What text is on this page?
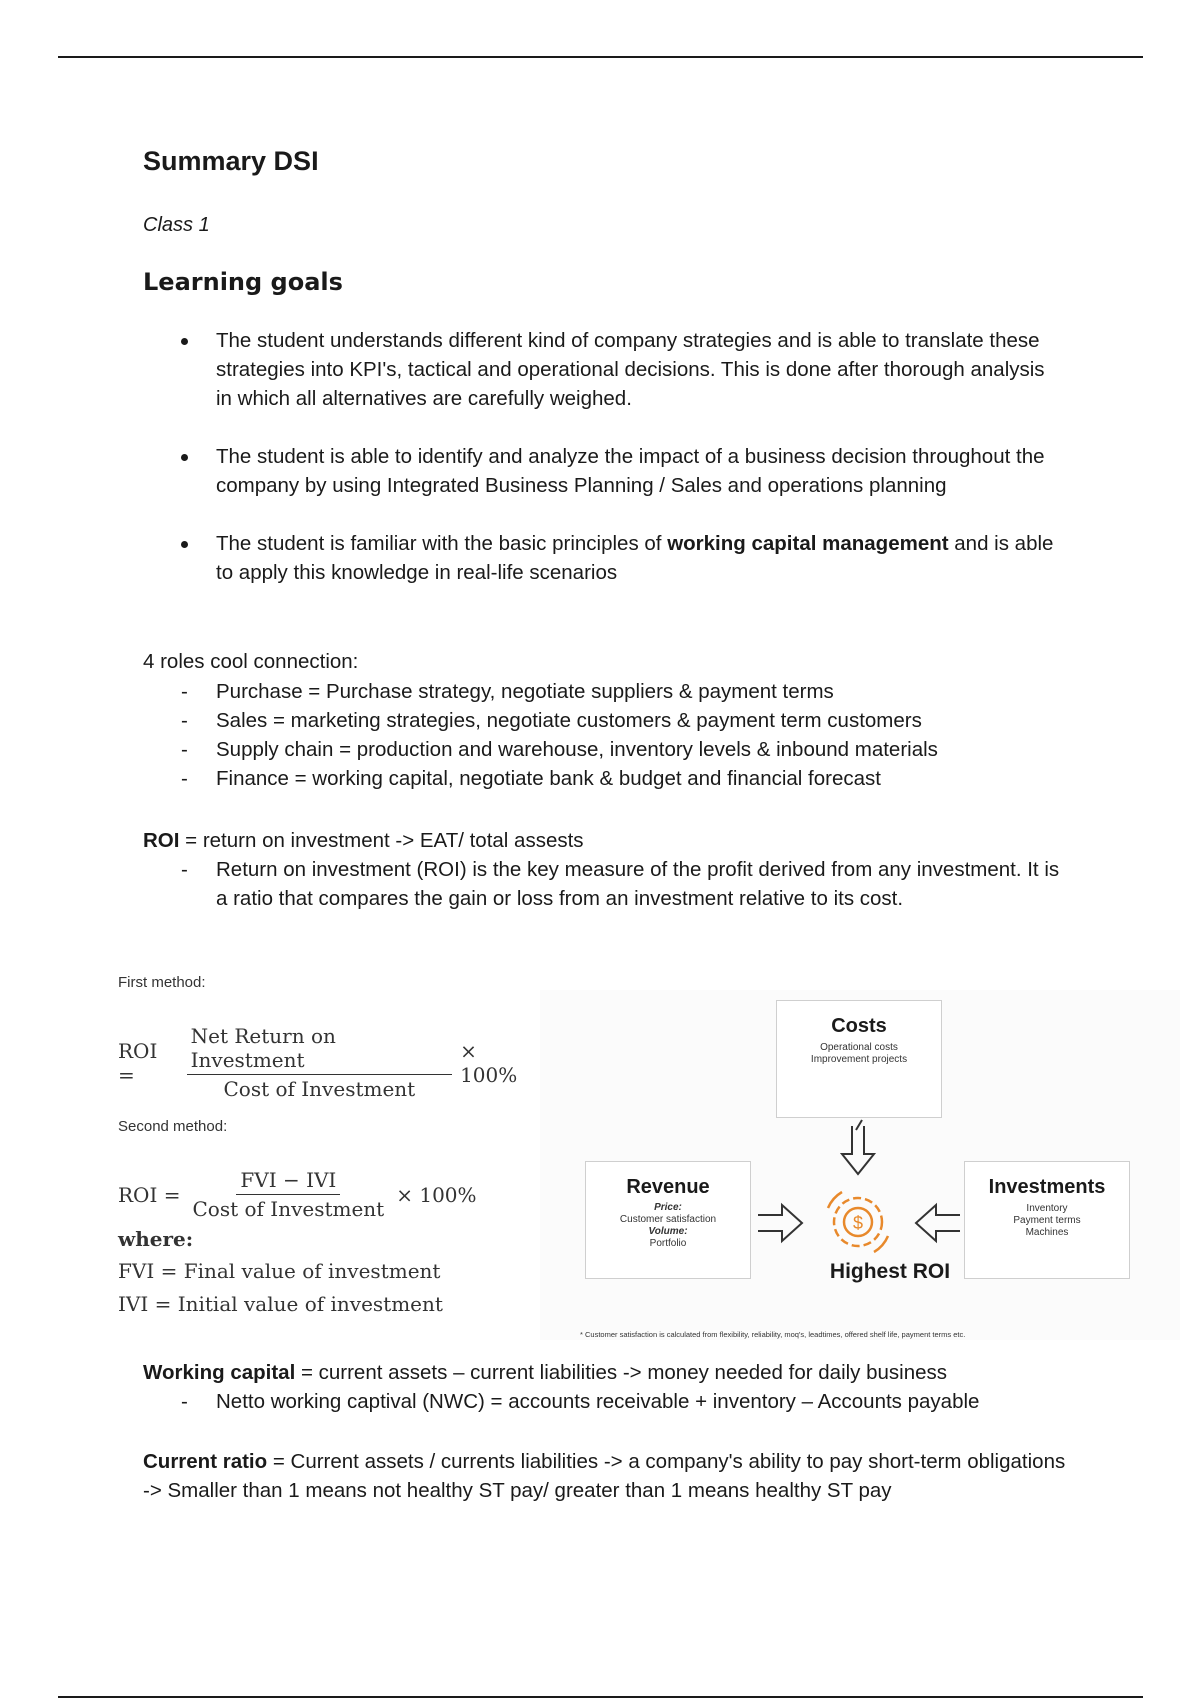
Summary DSI
Class 1
Learning goals
The student understands different kind of company strategies and is able to translate these strategies into KPI's, tactical and operational decisions. This is done after thorough analysis in which all alternatives are carefully weighed.
The student is able to identify and analyze the impact of a business decision throughout the company by using Integrated Business Planning / Sales and operations planning
The student is familiar with the basic principles of working capital management and is able to apply this knowledge in real-life scenarios
4 roles cool connection:
- Purchase = Purchase strategy, negotiate suppliers & payment terms
- Sales = marketing strategies, negotiate customers & payment term customers
- Supply chain = production and warehouse, inventory levels & inbound materials
- Finance = working capital, negotiate bank & budget and financial forecast
ROI = return on investment -> EAT/ total assests
- Return on investment (ROI) is the key measure of the profit derived from any investment. It is a ratio that compares the gain or loss from an investment relative to its cost.
First method:
ROI =	$\frac{\text{Net Return on Investment}}{\text{Cost of Investment}} \times 100\%$
Second method:
ROI = $\frac{\text{FVI − IVI}}{\text{Cost of Investment}} \times 100\%$
where:
FVI = Final value of investment
IVI = Initial value of investment
Costs
Operational costs
Improvement projects
Revenue
Price:
Customer satisfaction
Volume:
Portfolio
Investments
Inventory
Payment terms
Machines
$
Highest ROI
* Customer satisfaction is calculated from flexibility, reliability, moq's, leadtimes, offered shelf life, payment terms etc.
Working capital = current assets – current liabilities -> money needed for daily business
- Netto working captival (NWC) = accounts receivable + inventory – Accounts payable
Current ratio = Current assets / currents liabilities -> a company's ability to pay short-term obligations -> Smaller than 1 means not healthy ST pay/ greater than 1 means healthy ST pay
